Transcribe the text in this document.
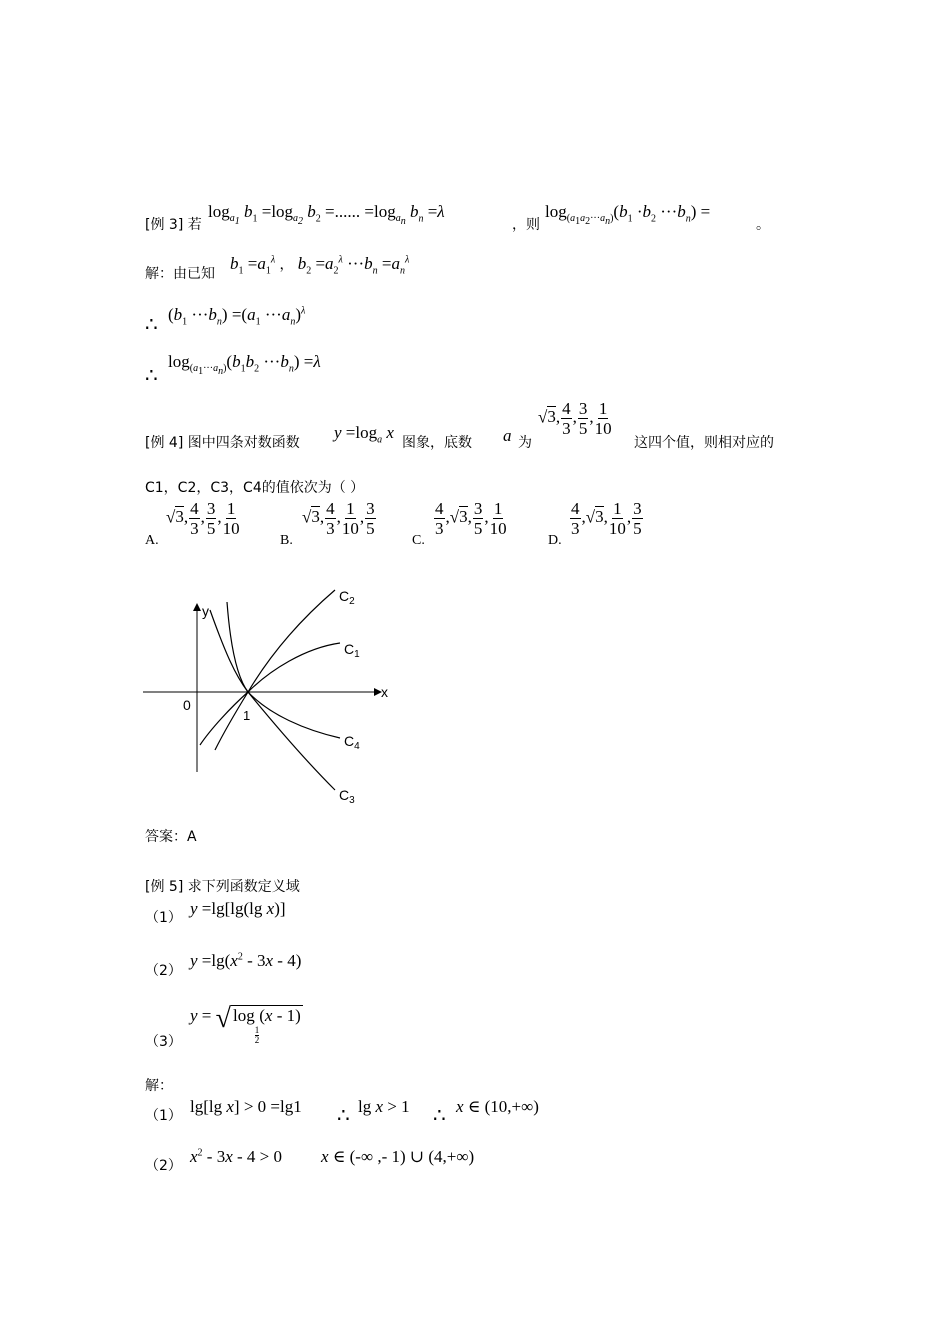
[例 3] 若
$\log_{a_1} b_1 =\log_{a_2}$ $b_2$ =...... $=\log_{a_n}$ $b_n =\lambda$
，则
$\log_{(a_1a_2\cdot\cdot\cdot a_n)}(b_1 \cdot b_2 \cdot\cdot\cdot b_n)$ =
。
解：由已知
$b_1 =a_1^\lambda$ ， $b_2 =a_2^\lambda \cdot\cdot\cdot b_n =a_n^\lambda$
∴ $(b_1 \cdot\cdot\cdot b_n) =(a_1 \cdot\cdot\cdot a_n)^\lambda$
∴
$\log_{(a_1\cdot\cdot\cdot a_n)}(b_1b_2 \cdot\cdot\cdot b_n) =\lambda$
[例 4] 图中四条对数函数
$y =\log_a$ x
图象，底数 a 为
√3, $\frac{4}{3}$ , $\frac{3}{5}$ , $\frac{1}{10}$
这四个值，则相对应的
C1，C2，C3，C4的值依次为（ ）
A.
√3, $\frac{4}{3}$ , $\frac{3}{5}$ , $\frac{1}{10}$
B.
√3, $\frac{4}{3}$ , $\frac{1}{10}$ , $\frac{3}{5}$
C.
$\frac{4}{3} ,√3$, $\frac{3}{5}$ , $\frac{1}{10}$
D.
$\frac{4}{3} ,√3$, $\frac{1}{10}$ , $\frac{3}{5}$
y
x
0
1
$C_2$
$C_1$
$C_4$
$C_3$
答案：A
[例 5] 求下列函数定义域
（1） y =lg[lg(lg x)]
（2）
$y =\lg(x^2 - 3x - 4)$
（3）
y = √ log
$_{\frac{1}{2}}$
(x - 1)
解：
（1） lg[lg x] > 0 =lg1 ∴ lg x > 1 ∴ x ∈ (10,+∞)
（2） $x^2 - 3x - 4 > 0$ x ∈ (-∞ ,- 1) ∪ (4,+∞)
